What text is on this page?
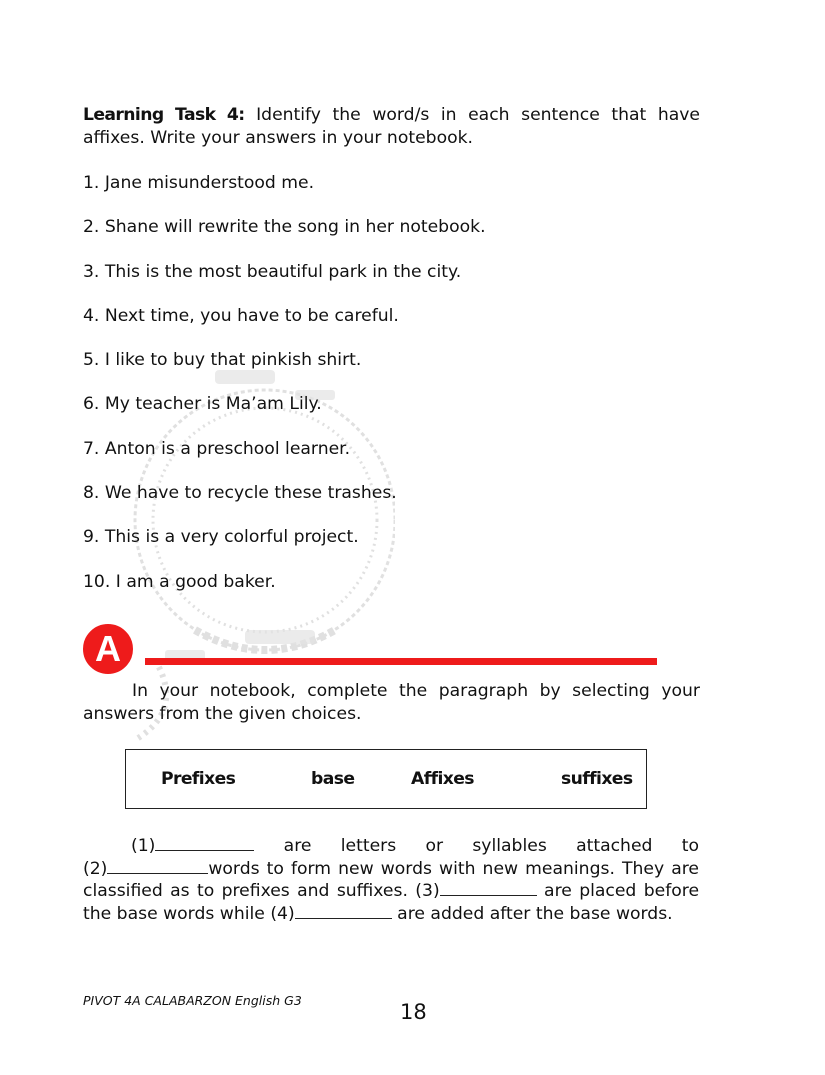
Learning Task 4: Identify the word/s in each sentence that have affixes. Write your answers in your notebook.
1. Jane misunderstood me.
2. Shane will rewrite the song in her notebook.
3. This is the most beautiful park in the city.
4. Next time, you have to be careful.
5. I like to buy that pinkish shirt.
6. My teacher is Ma’am Lily.
7. Anton is a preschool learner.
8. We have to recycle these trashes.
9. This is a very colorful project.
10. I am a good baker.
A
In your notebook, complete the paragraph by selecting your answers from the given choices.
Prefixes	base	Affixes	suffixes
(1)	are letters or syllables attached to
(2)	words to form new words with new meanings. They are
classified as to prefixes and suffixes. (3)	are placed before
the base words while (4)	are added after the base words.
PIVOT 4A CALABARZON English G3	18
